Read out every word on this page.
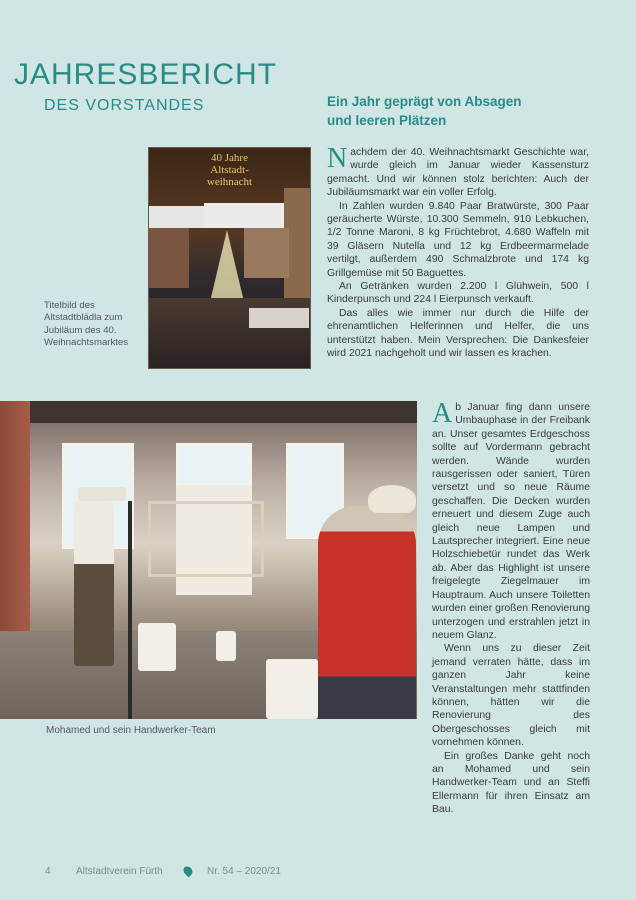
JAHRESBERICHT
DES VORSTANDES	Ein Jahr geprägt von Absagen
und leeren Plätzen
40 Jahre
Altstadt-
weihnacht
Titelbild des Altstadtblädla zum Jubiläum des 40. Weihnachtsmarktes

Nachdem der 40. Weihnachtsmarkt Geschichte war, wurde gleich im Januar wieder Kassensturz gemacht. Und wir können stolz berichten: Auch der Jubiläumsmarkt war ein voller Erfolg.

In Zahlen wurden 9.840 Paar Bratwürste, 300 Paar geräucherte Würste, 10.300 Semmeln, 910 Lebkuchen, 1/2 Tonne Maroni, 8 kg Früchtebrot, 4.680 Waffeln mit 39 Gläsern Nutella und 12 kg Erdbeermarmelade vertilgt, außerdem 490 Schmalzbrote und 174 kg Grillgemüse mit 50 Baguettes.

An Getränken wurden 2.200 l Glühwein, 500 l Kinderpunsch und 224 l Eierpunsch verkauft.

Das alles wie immer nur durch die Hilfe der ehrenamtlichen Helferinnen und Helfer, die uns unterstützt haben. Mein Versprechen: Die Dankesfeier wird 2021 nachgeholt und wir lassen es krachen.

Mohamed und sein Handwerker-Team

Ab Januar fing dann unsere Umbauphase in der Freibank an. Unser gesamtes Erdgeschoss sollte auf Vordermann gebracht werden. Wände wurden rausgerissen oder saniert, Türen versetzt und so neue Räume geschaffen. Die Decken wurden erneuert und diesem Zuge auch gleich neue Lampen und Lautsprecher integriert. Eine neue Holzschiebetür rundet das Werk ab. Aber das Highlight ist unsere freigelegte Ziegelmauer im Hauptraum. Auch unsere Toiletten wurden einer großen Renovierung unterzogen und erstrahlen jetzt in neuem Glanz.

Wenn uns zu dieser Zeit jemand verraten hätte, dass im ganzen Jahr keine Veranstaltungen mehr stattfinden können, hätten wir die Renovierung des Obergeschosses gleich mit vornehmen können.

Ein großes Danke geht noch an Mohamed und sein Handwerker-Team und an Steffi Ellermann für ihren Einsatz am Bau.

4	Altstadtverein Fürth	Nr. 54 – 2020/21
